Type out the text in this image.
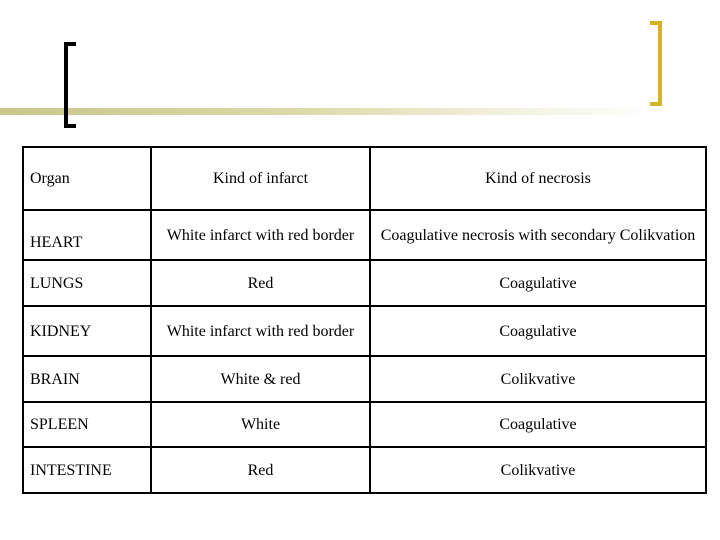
Organ	Kind of infarct	Kind of necrosis
HEART	White infarct with red border	Coagulative necrosis with secondary Colikvation
LUNGS	Red	Coagulative
KIDNEY	White infarct with red border	Coagulative
BRAIN	White & red	Colikvative
SPLEEN	White	Coagulative
INTESTINE	Red	Colikvative
